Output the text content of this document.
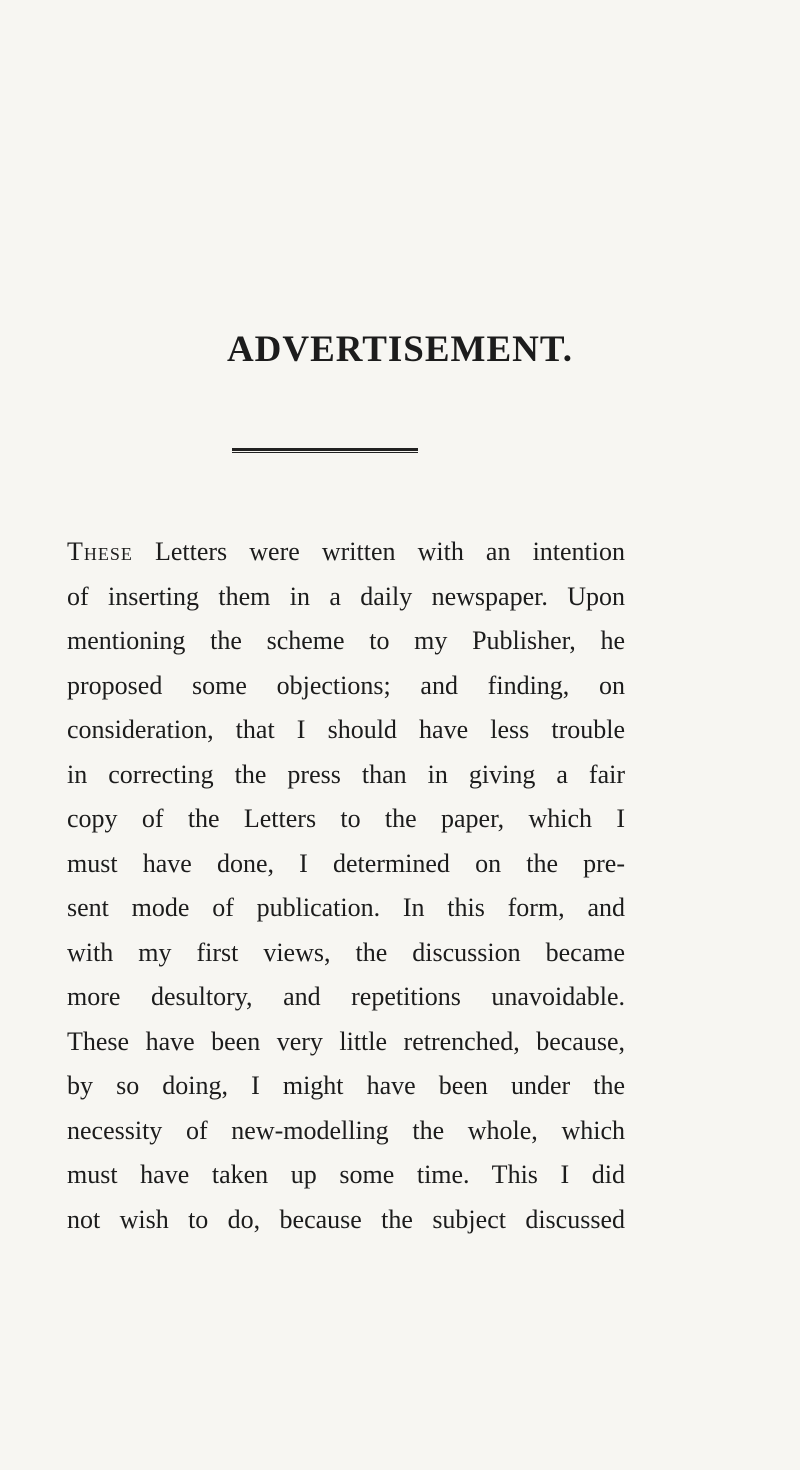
ADVERTISEMENT.
These Letters were written with an intention
of inserting them in a daily newspaper. Upon
mentioning the scheme to my Publisher, he
proposed some objections; and finding, on
consideration, that I should have less trouble
in correcting the press than in giving a fair
copy of the Letters to the paper, which I
must have done, I determined on the pre-
sent mode of publication. In this form, and
with my first views, the discussion became
more desultory, and repetitions unavoidable.
These have been very little retrenched, because,
by so doing, I might have been under the
necessity of new-modelling the whole, which
must have taken up some time. This I did
not wish to do, because the subject discussed
